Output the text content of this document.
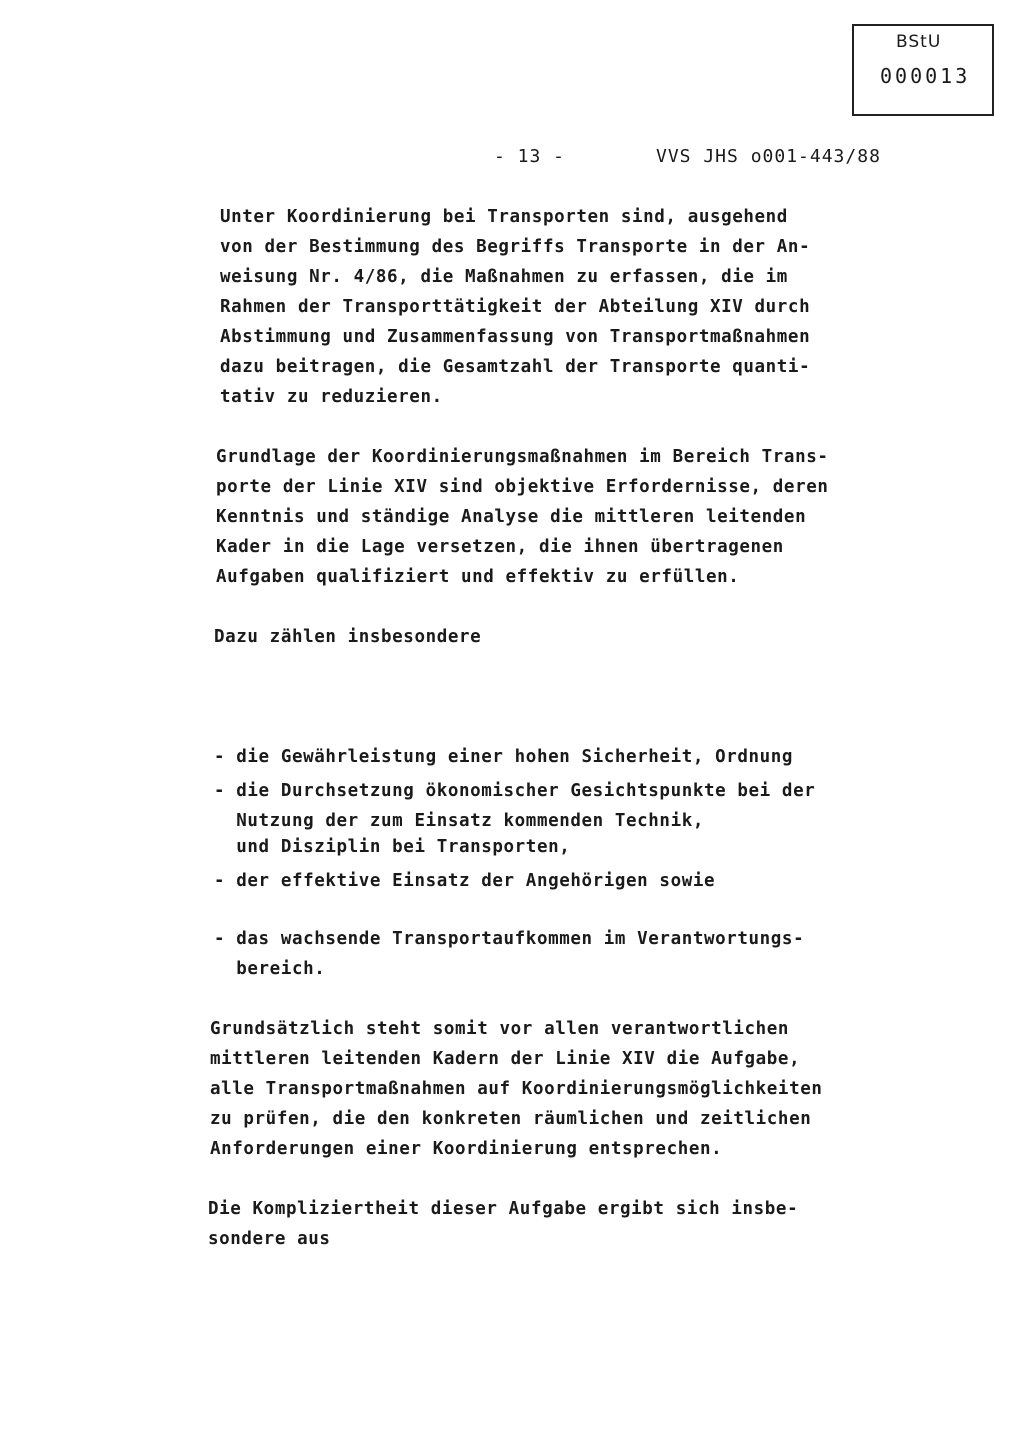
BStU
000013
- 13 -	VVS JHS o001-443/88
Unter Koordinierung bei Transporten sind, ausgehend
von der Bestimmung des Begriffs Transporte in der An-
weisung Nr. 4/86, die Maßnahmen zu erfassen, die im
Rahmen der Transporttätigkeit der Abteilung XIV durch
Abstimmung und Zusammenfassung von Transportmaßnahmen
dazu beitragen, die Gesamtzahl der Transporte quanti-
tativ zu reduzieren.
Grundlage der Koordinierungsmaßnahmen im Bereich Trans-
porte der Linie XIV sind objektive Erfordernisse, deren
Kenntnis und ständige Analyse die mittleren leitenden
Kader in die Lage versetzen, die ihnen übertragenen
Aufgaben qualifiziert und effektiv zu erfüllen.
Dazu zählen insbesondere

- die Gewährleistung einer hohen Sicherheit, Ordnung

und Disziplin bei Transporten,

- die Durchsetzung ökonomischer Gesichtspunkte bei der
Nutzung der zum Einsatz kommenden Technik,
- der effektive Einsatz der Angehörigen sowie
- das wachsende Transportaufkommen im Verantwortungs-
bereich.
Grundsätzlich steht somit vor allen verantwortlichen
mittleren leitenden Kadern der Linie XIV die Aufgabe,
alle Transportmaßnahmen auf Koordinierungsmöglichkeiten
zu prüfen, die den konkreten räumlichen und zeitlichen
Anforderungen einer Koordinierung entsprechen.
Die Kompliziertheit dieser Aufgabe ergibt sich insbe-
sondere aus
